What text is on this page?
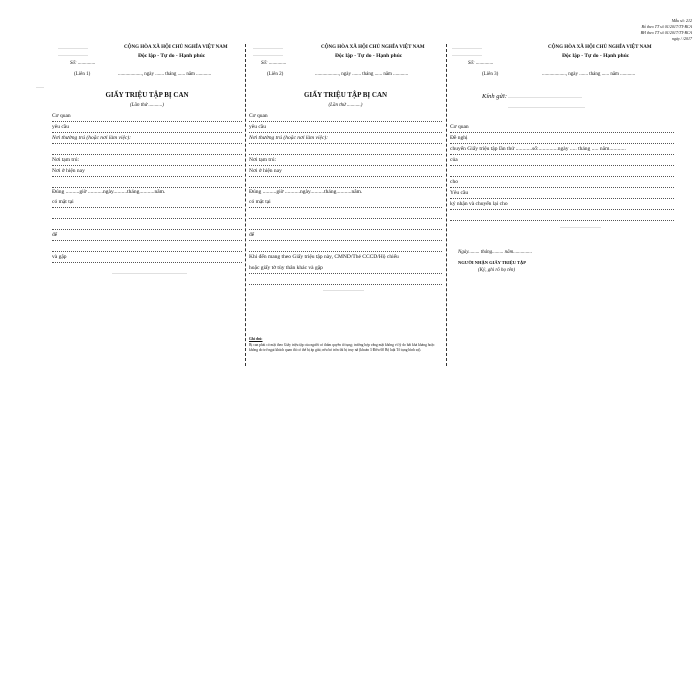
Mẫu số: 212
Bổ theo TT số 01/2017/TT-BCA
BH theo TT số 01/2017/TT-BCA
ngày / /2017
........
..............................
..............................
Số: ..............
CỘNG HÒA XÃ HỘI CHỦ NGHĨA VIỆT NAM
Độc lập - Tự do - Hạnh phúc
(Liên 1)	..................., ngày ....... tháng ...... năm ............
GIẤY TRIỆU TẬP BỊ CAN
(Lần thứ ...........)
Cơ quan
yêu cầu
Nơi thường trú (hoặc nơi làm việc):
Nơi tạm trú:
Nơi ở hiện nay
Đúng ..........giờ ...........ngày..........tháng...........năm.
có mặt tại
để
và gặp
...........................................................................
..............................
..............................
Số: ..............
CỘNG HÒA XÃ HỘI CHỦ NGHĨA VIỆT NAM
Độc lập - Tự do - Hạnh phúc
(Liên 2)	..................., ngày ....... tháng ...... năm ............
GIẤY TRIỆU TẬP BỊ CAN
(Lần thứ ...........)
Cơ quan
yêu cầu
Nơi thường trú (hoặc nơi làm việc):
Nơi tạm trú:
Nơi ở hiện nay
Đúng ..........giờ ...........ngày..........tháng...........năm.
có mặt tại
để
Khi đến mang theo Giấy triệu tập này, CMND/Thẻ CCCD/Hộ chiếu
hoặc giấy tờ tùy thân khác và gặp
.........................................
Ghi chú:
Bị can phải có mặt theo Giấy triệu tập của người có thẩm quyền tố tụng; trường hợp vắng mặt không vì lý do bất khả kháng hoặc không do trở ngại khách quan thì có thể bị áp giải; nếu bỏ trốn thì bị truy nã (khoản 3 Điều 60 Bộ luật Tố tụng hình sự).
..............................
..............................
Số: ..............
CỘNG HÒA XÃ HỘI CHỦ NGHĨA VIỆT NAM
Độc lập - Tự do - Hạnh phúc
(Liên 3)	..................., ngày ....... tháng ...... năm ............
Kính gửi: ..........................................................................
.............................................................................
Cơ quan
Đề nghị
chuyển Giấy triệu tập lần thứ ............số:..............ngày ..... tháng ..... năm............
của
cho
Yêu cầu
ký nhận và chuyển lại cho
.........................................
Ngày......... tháng......... năm...............
NGƯỜI NHẬN GIẤY TRIỆU TẬP
(Ký, ghi rõ họ tên)
